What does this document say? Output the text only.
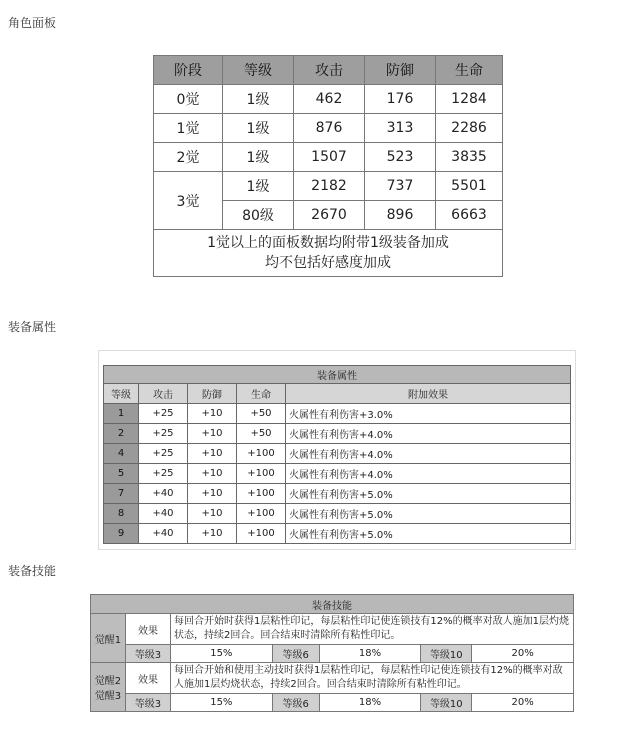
角色面板
装备属性
装备技能
阶段	等级	攻击	防御	生命
0觉	1级	462	176	1284
1觉	1级	876	313	2286
2觉	1级	1507	523	3835
3觉	1级	2182	737	5501
	80级	2670	896	6663

1觉以上的面板数据均附带1级装备加成
均不包括好感度加成				
装备属性				
等级	攻击	防御	生命	附加效果
1	+25	+10	+50	火属性有利伤害+3.0%
2	+25	+10	+50	火属性有利伤害+4.0%
4	+25	+10	+100	火属性有利伤害+4.0%
5	+25	+10	+100	火属性有利伤害+4.0%
7	+40	+10	+100	火属性有利伤害+5.0%
8	+40	+10	+100	火属性有利伤害+5.0%
9	+40	+10	+100	火属性有利伤害+5.0%
装备技能						
觉醒1	效果	每回合开始时获得1层粘性印记，每层粘性印记使连锁技有12%的概率对敌人施加1层灼烧状态，持续2回合。回合结束时清除所有粘性印记。				
	等级3	15%	等级6	18%	等级10	20%
觉醒2
觉醒3	效果	每回合开始和使用主动技时获得1层粘性印记，每层粘性印记使连锁技有12%的概率对敌人施加1层灼烧状态，持续2回合。回合结束时清除所有粘性印记。				
	等级3	15%	等级6	18%	等级10	20%
